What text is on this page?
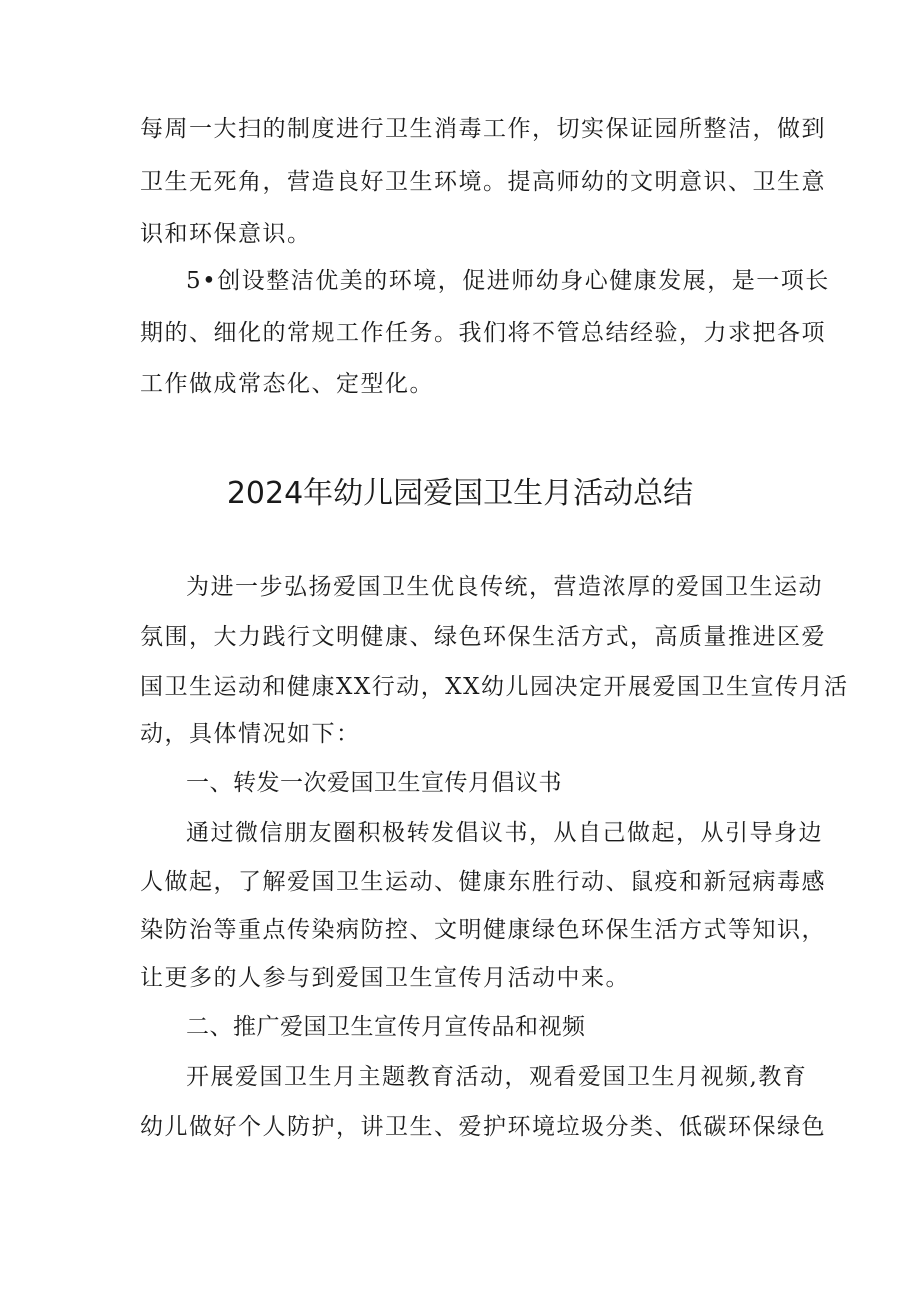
每周一大扫的制度进行卫生消毒工作，切实保证园所整洁，做到
卫生无死角，营造良好卫生环境。提高师幼的文明意识、卫生意
识和环保意识。
5•创设整洁优美的环境，促进师幼身心健康发展，是一项长
期的、细化的常规工作任务。我们将不管总结经验，力求把各项
工作做成常态化、定型化。
2024年幼儿园爱国卫生月活动总结
为进一步弘扬爱国卫生优良传统，营造浓厚的爱国卫生运动
氛围，大力践行文明健康、绿色环保生活方式，高质量推进区爱
国卫生运动和健康XX行动，XX幼儿园决定开展爱国卫生宣传月活
动，具体情况如下：
一、转发一次爱国卫生宣传月倡议书
通过微信朋友圈积极转发倡议书，从自己做起，从引导身边
人做起，了解爱国卫生运动、健康东胜行动、鼠疫和新冠病毒感
染防治等重点传染病防控、文明健康绿色环保生活方式等知识，
让更多的人参与到爱国卫生宣传月活动中来。
二、推广爱国卫生宣传月宣传品和视频
开展爱国卫生月主题教育活动，观看爱国卫生月视频,教育
幼儿做好个人防护，讲卫生、爱护环境垃圾分类、低碳环保绿色
